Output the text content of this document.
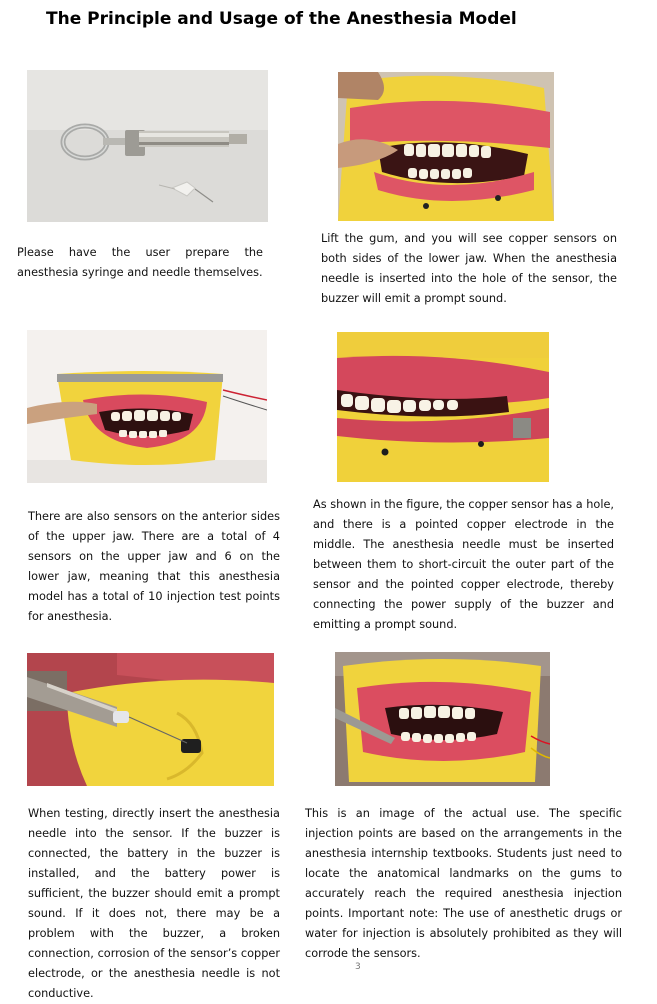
The Principle and Usage of the Anesthesia Model
Please have the user prepare the anesthesia syringe and needle themselves.
Lift the gum, and you will see copper sensors on both sides of the lower jaw. When the anesthesia needle is inserted into the hole of the sensor, the buzzer will emit a prompt sound.
There are also sensors on the anterior sides of the upper jaw. There are a total of 4 sensors on the upper jaw and 6 on the lower jaw, meaning that this anesthesia model has a total of 10 injection test points for anesthesia.
As shown in the figure, the copper sensor has a hole, and there is a pointed copper electrode in the middle. The anesthesia needle must be inserted between them to short-circuit the outer part of the sensor and the pointed copper electrode, thereby connecting the power supply of the buzzer and emitting a prompt sound.
When testing, directly insert the anesthesia needle into the sensor. If the buzzer is connected, the battery in the buzzer is installed, and the battery power is sufficient, the buzzer should emit a prompt sound. If it does not, there may be a problem with the buzzer, a broken connection, corrosion of the sensor’s copper electrode, or the anesthesia needle is not conductive.
This is an image of the actual use. The specific injection points are based on the arrangements in the anesthesia internship textbooks. Students just need to locate the anatomical landmarks on the gums to accurately reach the required anesthesia injection points. Important note: The use of anesthetic drugs or water for injection is absolutely prohibited as they will corrode the sensors.
3
